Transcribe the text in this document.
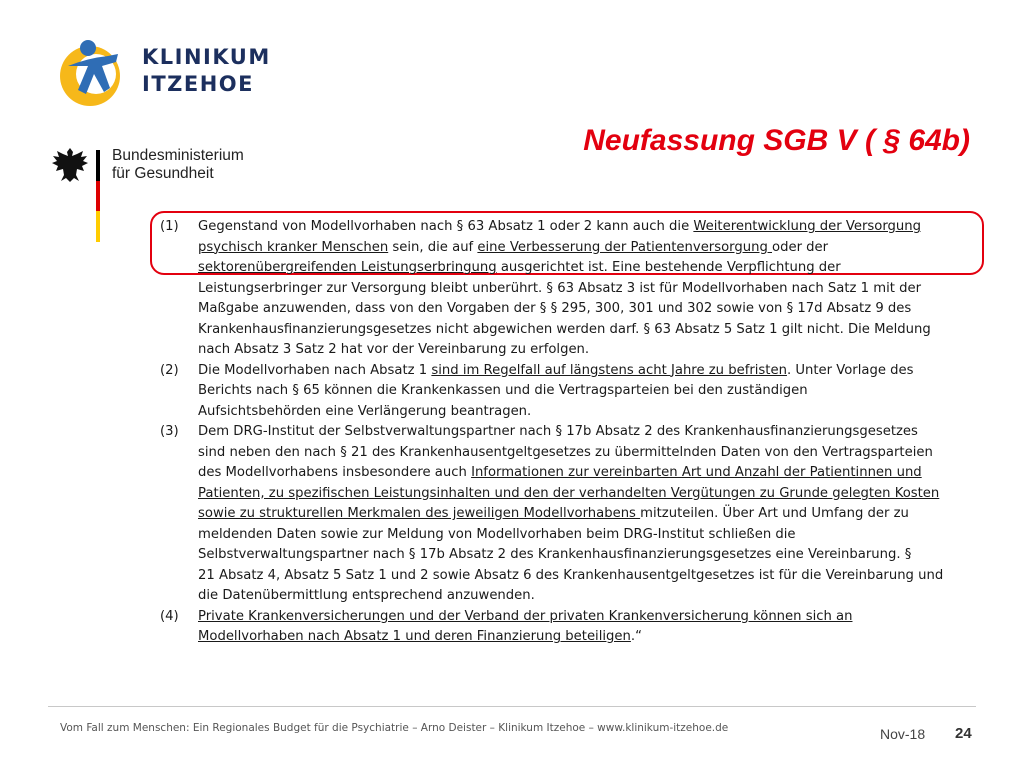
KLINIKUM
ITZEHOE
Bundesministerium
für Gesundheit
Neufassung SGB V ( § 64b)
(1)	Gegenstand von Modellvorhaben nach § 63 Absatz 1 oder 2 kann auch die Weiterentwicklung der Versorgung
psychisch kranker Menschen sein, die auf eine Verbesserung der Patientenversorgung oder der
sektorenübergreifenden Leistungserbringung ausgerichtet ist. Eine bestehende Verpflichtung der
Leistungserbringer zur Versorgung bleibt unberührt. § 63 Absatz 3 ist für Modellvorhaben nach Satz 1 mit der
Maßgabe anzuwenden, dass von den Vorgaben der § § 295, 300, 301 und 302 sowie von § 17d Absatz 9 des
Krankenhausfinanzierungsgesetzes nicht abgewichen werden darf. § 63 Absatz 5 Satz 1 gilt nicht. Die Meldung
nach Absatz 3 Satz 2 hat vor der Vereinbarung zu erfolgen.
(2)	Die Modellvorhaben nach Absatz 1 sind im Regelfall auf längstens acht Jahre zu befristen. Unter Vorlage des
Berichts nach § 65 können die Krankenkassen und die Vertragsparteien bei den zuständigen
Aufsichtsbehörden eine Verlängerung beantragen.
(3)	Dem DRG-Institut der Selbstverwaltungspartner nach § 17b Absatz 2 des Krankenhausfinanzierungsgesetzes
sind neben den nach § 21 des Krankenhausentgeltgesetzes zu übermittelnden Daten von den Vertragsparteien
des Modellvorhabens insbesondere auch Informationen zur vereinbarten Art und Anzahl der Patientinnen und
Patienten, zu spezifischen Leistungsinhalten und den der verhandelten Vergütungen zu Grunde gelegten Kosten
sowie zu strukturellen Merkmalen des jeweiligen Modellvorhabens mitzuteilen. Über Art und Umfang der zu
meldenden Daten sowie zur Meldung von Modellvorhaben beim DRG-Institut schließen die
Selbstverwaltungspartner nach § 17b Absatz 2 des Krankenhausfinanzierungsgesetzes eine Vereinbarung. §
21 Absatz 4, Absatz 5 Satz 1 und 2 sowie Absatz 6 des Krankenhausentgeltgesetzes ist für die Vereinbarung und
die Datenübermittlung entsprechend anzuwenden.
(4)	Private Krankenversicherungen und der Verband der privaten Krankenversicherung können sich an
Modellvorhaben nach Absatz 1 und deren Finanzierung beteiligen.“
Vom Fall zum Menschen: Ein Regionales Budget für die Psychiatrie – Arno Deister – Klinikum Itzehoe – www.klinikum-itzehoe.de	Nov-18 24
